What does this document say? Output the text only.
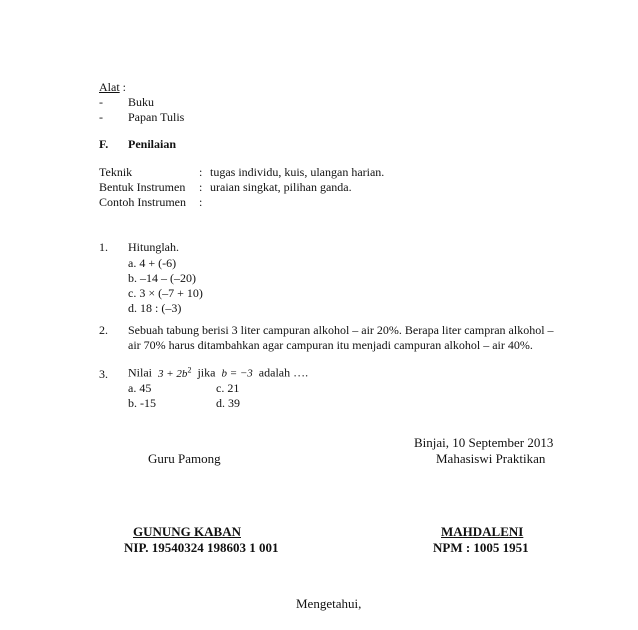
Alat :
- Buku
- Papan Tulis
F. Penilaian
Teknik	: tugas individu, kuis, ulangan harian.
Bentuk Instrumen : uraian singkat, pilihan ganda.
Contoh Instrumen :
1. Hitunglah.
a. 4 + (-6)
b. –14 – (–20)
c. 3 × (–7 + 10)
d. 18 : (–3)
2. Sebuah tabung berisi 3 liter campuran alkohol – air 20%. Berapa liter campran alkohol –
air 70% harus ditambahkan agar campuran itu menjadi campuran alkohol – air 40%.
3. Nilai $3 + 2b^2$ jika b = −3 adalah ….
a. 45	c. 21
b. -15	d. 39
Binjai, 10 September 2013
Guru Pamong	Mahasiswi Praktikan
GUNUNG KABAN
NIP. 19540324 198603 1 001
MAHDALENI
NPM : 1005 1951
Mengetahui,
